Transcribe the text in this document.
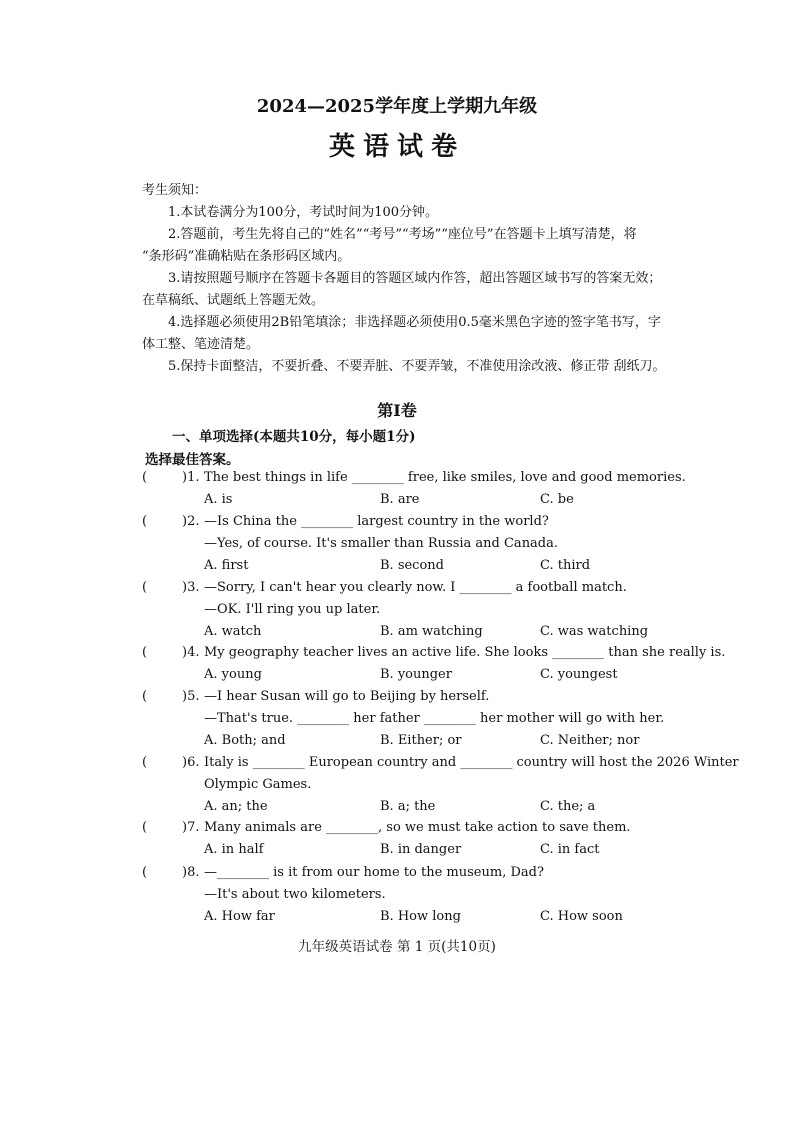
2024—2025学年度上学期九年级
英语试卷

考生须知：

1.本试卷满分为100分，考试时间为100分钟。

2.答题前，考生先将自己的“姓名”“考号”“考场”“座位号”在答题卡上填写清楚，将

“条形码”准确粘贴在条形码区域内。

3.请按照题号顺序在答题卡各题目的答题区域内作答，超出答题区域书写的答案无效；

在草稿纸、试题纸上答题无效。

4.选择题必须使用2B铅笔填涂；非选择题必须使用0.5毫米黑色字迹的签字笔书写，字

体工整、笔迹清楚。

5.保持卡面整洁，不要折叠、不要弄脏、不要弄皱，不准使用涂改液、修正带 刮纸刀。

第Ⅰ卷
一、单项选择(本题共10分，每小题1分)
选择最佳答案。
(	)1. The best things in life ________ free, like smiles, love and good memories.
A. is	B. are	C. be
(	)2. —Is China the ________ largest country in the world?
—Yes, of course. It's smaller than Russia and Canada.
A. first	B. second	C. third
(	)3. —Sorry, I can't hear you clearly now. I ________ a football match.
—OK. I'll ring you up later.
A. watch	B. am watching	C. was watching
(	)4. My geography teacher lives an active life. She looks ________ than she really is.
A. young	B. younger	C. youngest
(	)5. —I hear Susan will go to Beijing by herself.
—That's true. ________ her father ________ her mother will go with her.
A. Both; and	B. Either; or	C. Neither; nor
(	)6. Italy is ________ European country and ________ country will host the 2026 Winter
Olympic Games.
A. an; the	B. a; the	C. the; a
(	)7. Many animals are ________, so we must take action to save them.
A. in half	B. in danger	C. in fact
(	)8. —________ is it from our home to the museum, Dad?
—It's about two kilometers.
A. How far	B. How long	C. How soon
九年级英语试卷 第 1 页(共10页)
